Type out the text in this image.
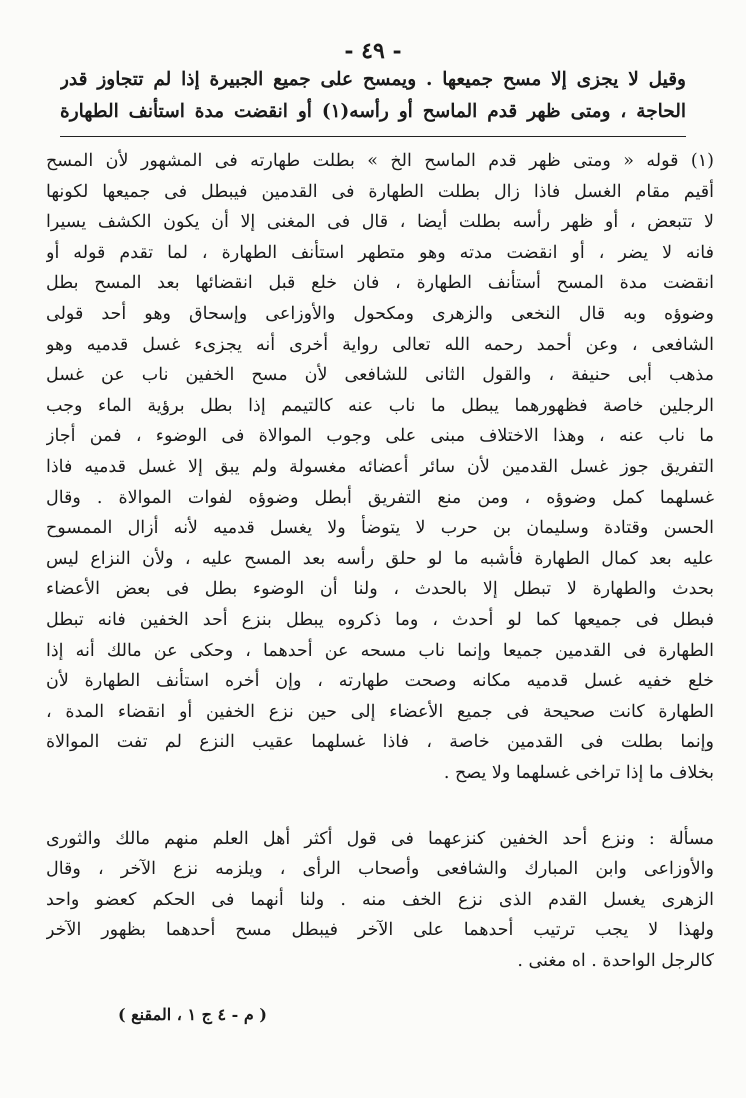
- ٤٩ -
وقيل لا يجزى إلا مسح جميعها . ويمسح على جميع الجبيرة إذا لم تتجاوز قدر
الحاجة ، ومتى ظهر قدم الماسح أو رأسه(١) أو انقضت مدة استأنف الطهارة
(١) قوله « ومتى ظهر قدم الماسح الخ » بطلت طهارته فى المشهور لأن المسح
أقيم مقام الغسل فاذا زال بطلت الطهارة فى القدمين فيبطل فى جميعها لكونها
لا تتبعض ، أو ظهر رأسه بطلت أيضا ، قال فى المغنى إلا أن يكون الكشف يسيرا
فانه لا يضر ، أو انقضت مدته وهو متطهر استأنف الطهارة ، لما تقدم قوله أو
انقضت مدة المسح أستأنف الطهارة ، فان خلع قبل انقضائها بعد المسح بطل
وضوؤه وبه قال النخعى والزهرى ومكحول والأوزاعى وإسحاق وهو أحد قولى
الشافعى ، وعن أحمد رحمه الله تعالى رواية أخرى أنه يجزىء غسل قدميه وهو
مذهب أبى حنيفة ، والقول الثانى للشافعى لأن مسح الخفين ناب عن غسل
الرجلين خاصة فظهورهما يبطل ما ناب عنه كالتيمم إذا بطل برؤية الماء وجب
ما ناب عنه ، وهذا الاختلاف مبنى على وجوب الموالاة فى الوضوء ، فمن أجاز
التفريق جوز غسل القدمين لأن سائر أعضائه مغسولة ولم يبق إلا غسل قدميه فاذا
غسلهما كمل وضوؤه ، ومن منع التفريق أبطل وضوؤه لفوات الموالاة . وقال
الحسن وقتادة وسليمان بن حرب لا يتوضأ ولا يغسل قدميه لأنه أزال الممسوح
عليه بعد كمال الطهارة فأشبه ما لو حلق رأسه بعد المسح عليه ، ولأن النزاع ليس
بحدث والطهارة لا تبطل إلا بالحدث ، ولنا أن الوضوء بطل فى بعض الأعضاء
فبطل فى جميعها كما لو أحدث ، وما ذكروه يبطل بنزع أحد الخفين فانه تبطل
الطهارة فى القدمين جميعا وإنما ناب مسحه عن أحدهما ، وحكى عن مالك أنه إذا
خلع خفيه غسل قدميه مكانه وصحت طهارته ، وإن أخره استأنف الطهارة لأن
الطهارة كانت صحيحة فى جميع الأعضاء إلى حين نزع الخفين أو انقضاء المدة ،
وإنما بطلت فى القدمين خاصة ، فاذا غسلهما عقيب النزع لم تفت الموالاة
بخلاف ما إذا تراخى غسلهما ولا يصح .
مسألة : ونزع أحد الخفين كنزعهما فى قول أكثر أهل العلم منهم مالك والثورى
والأوزاعى وابن المبارك والشافعى وأصحاب الرأى ، ويلزمه نزع الآخر ، وقال
الزهرى يغسل القدم الذى نزع الخف منه . ولنا أنهما فى الحكم كعضو واحد
ولهذا لا يجب ترتيب أحدهما على الآخر فيبطل مسح أحدهما بظهور الآخر
كالرجل الواحدة . اه مغنى .
( م - ٤ ج ١ ، المقنع )
